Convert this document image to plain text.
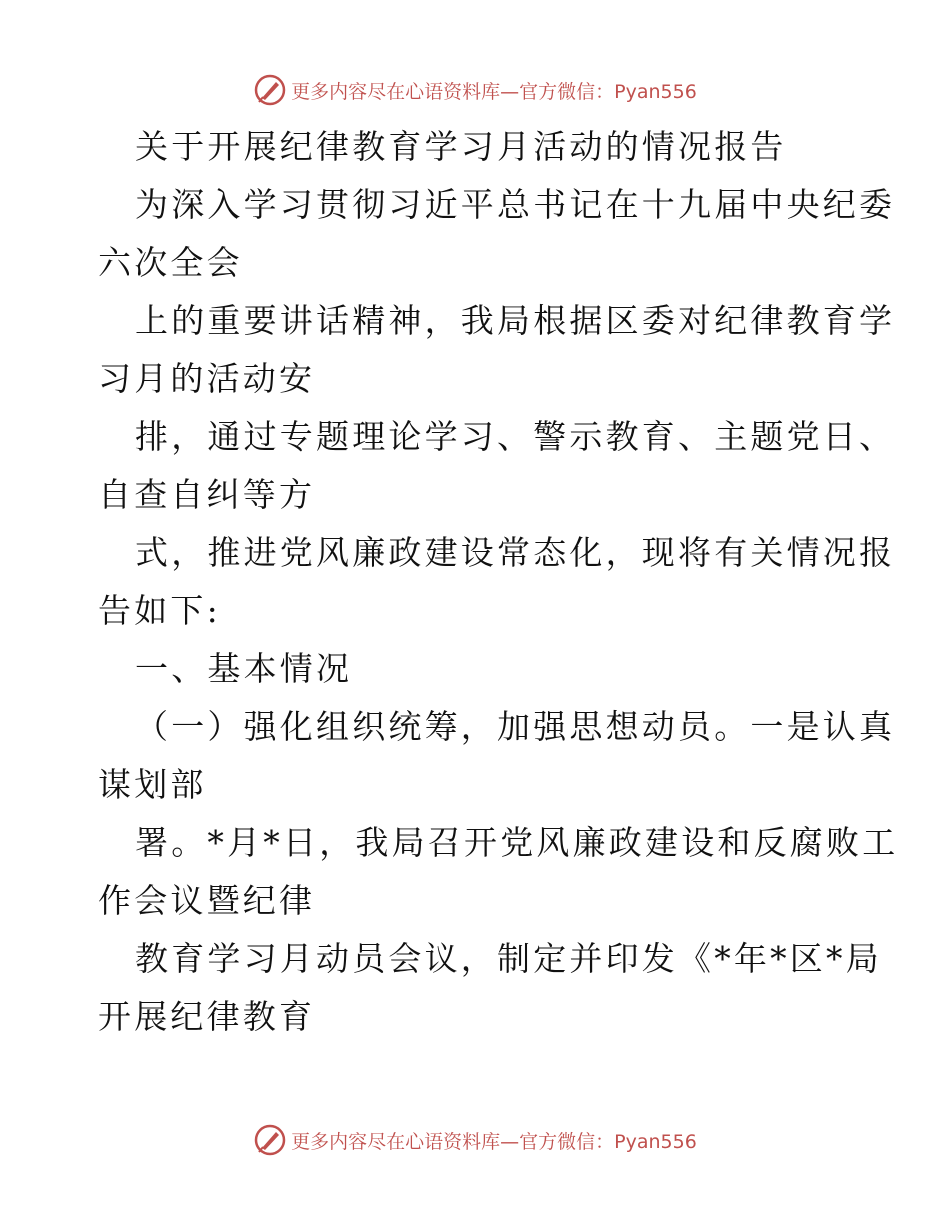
更多内容尽在心语资料库—官方微信：Pyan556
关于开展纪律教育学习月活动的情况报告
为深入学习贯彻习近平总书记在十九届中央纪委
六次全会
上的重要讲话精神，我局根据区委对纪律教育学
习月的活动安
排，通过专题理论学习、警示教育、主题党日、
自查自纠等方
式，推进党风廉政建设常态化，现将有关情况报
告如下:
一、基本情况
（一）强化组织统筹，加强思想动员。一是认真
谋划部
署。*月*日，我局召开党风廉政建设和反腐败工
作会议暨纪律
教育学习月动员会议，制定并印发《*年*区*局
开展纪律教育
更多内容尽在心语资料库—官方微信：Pyan556
